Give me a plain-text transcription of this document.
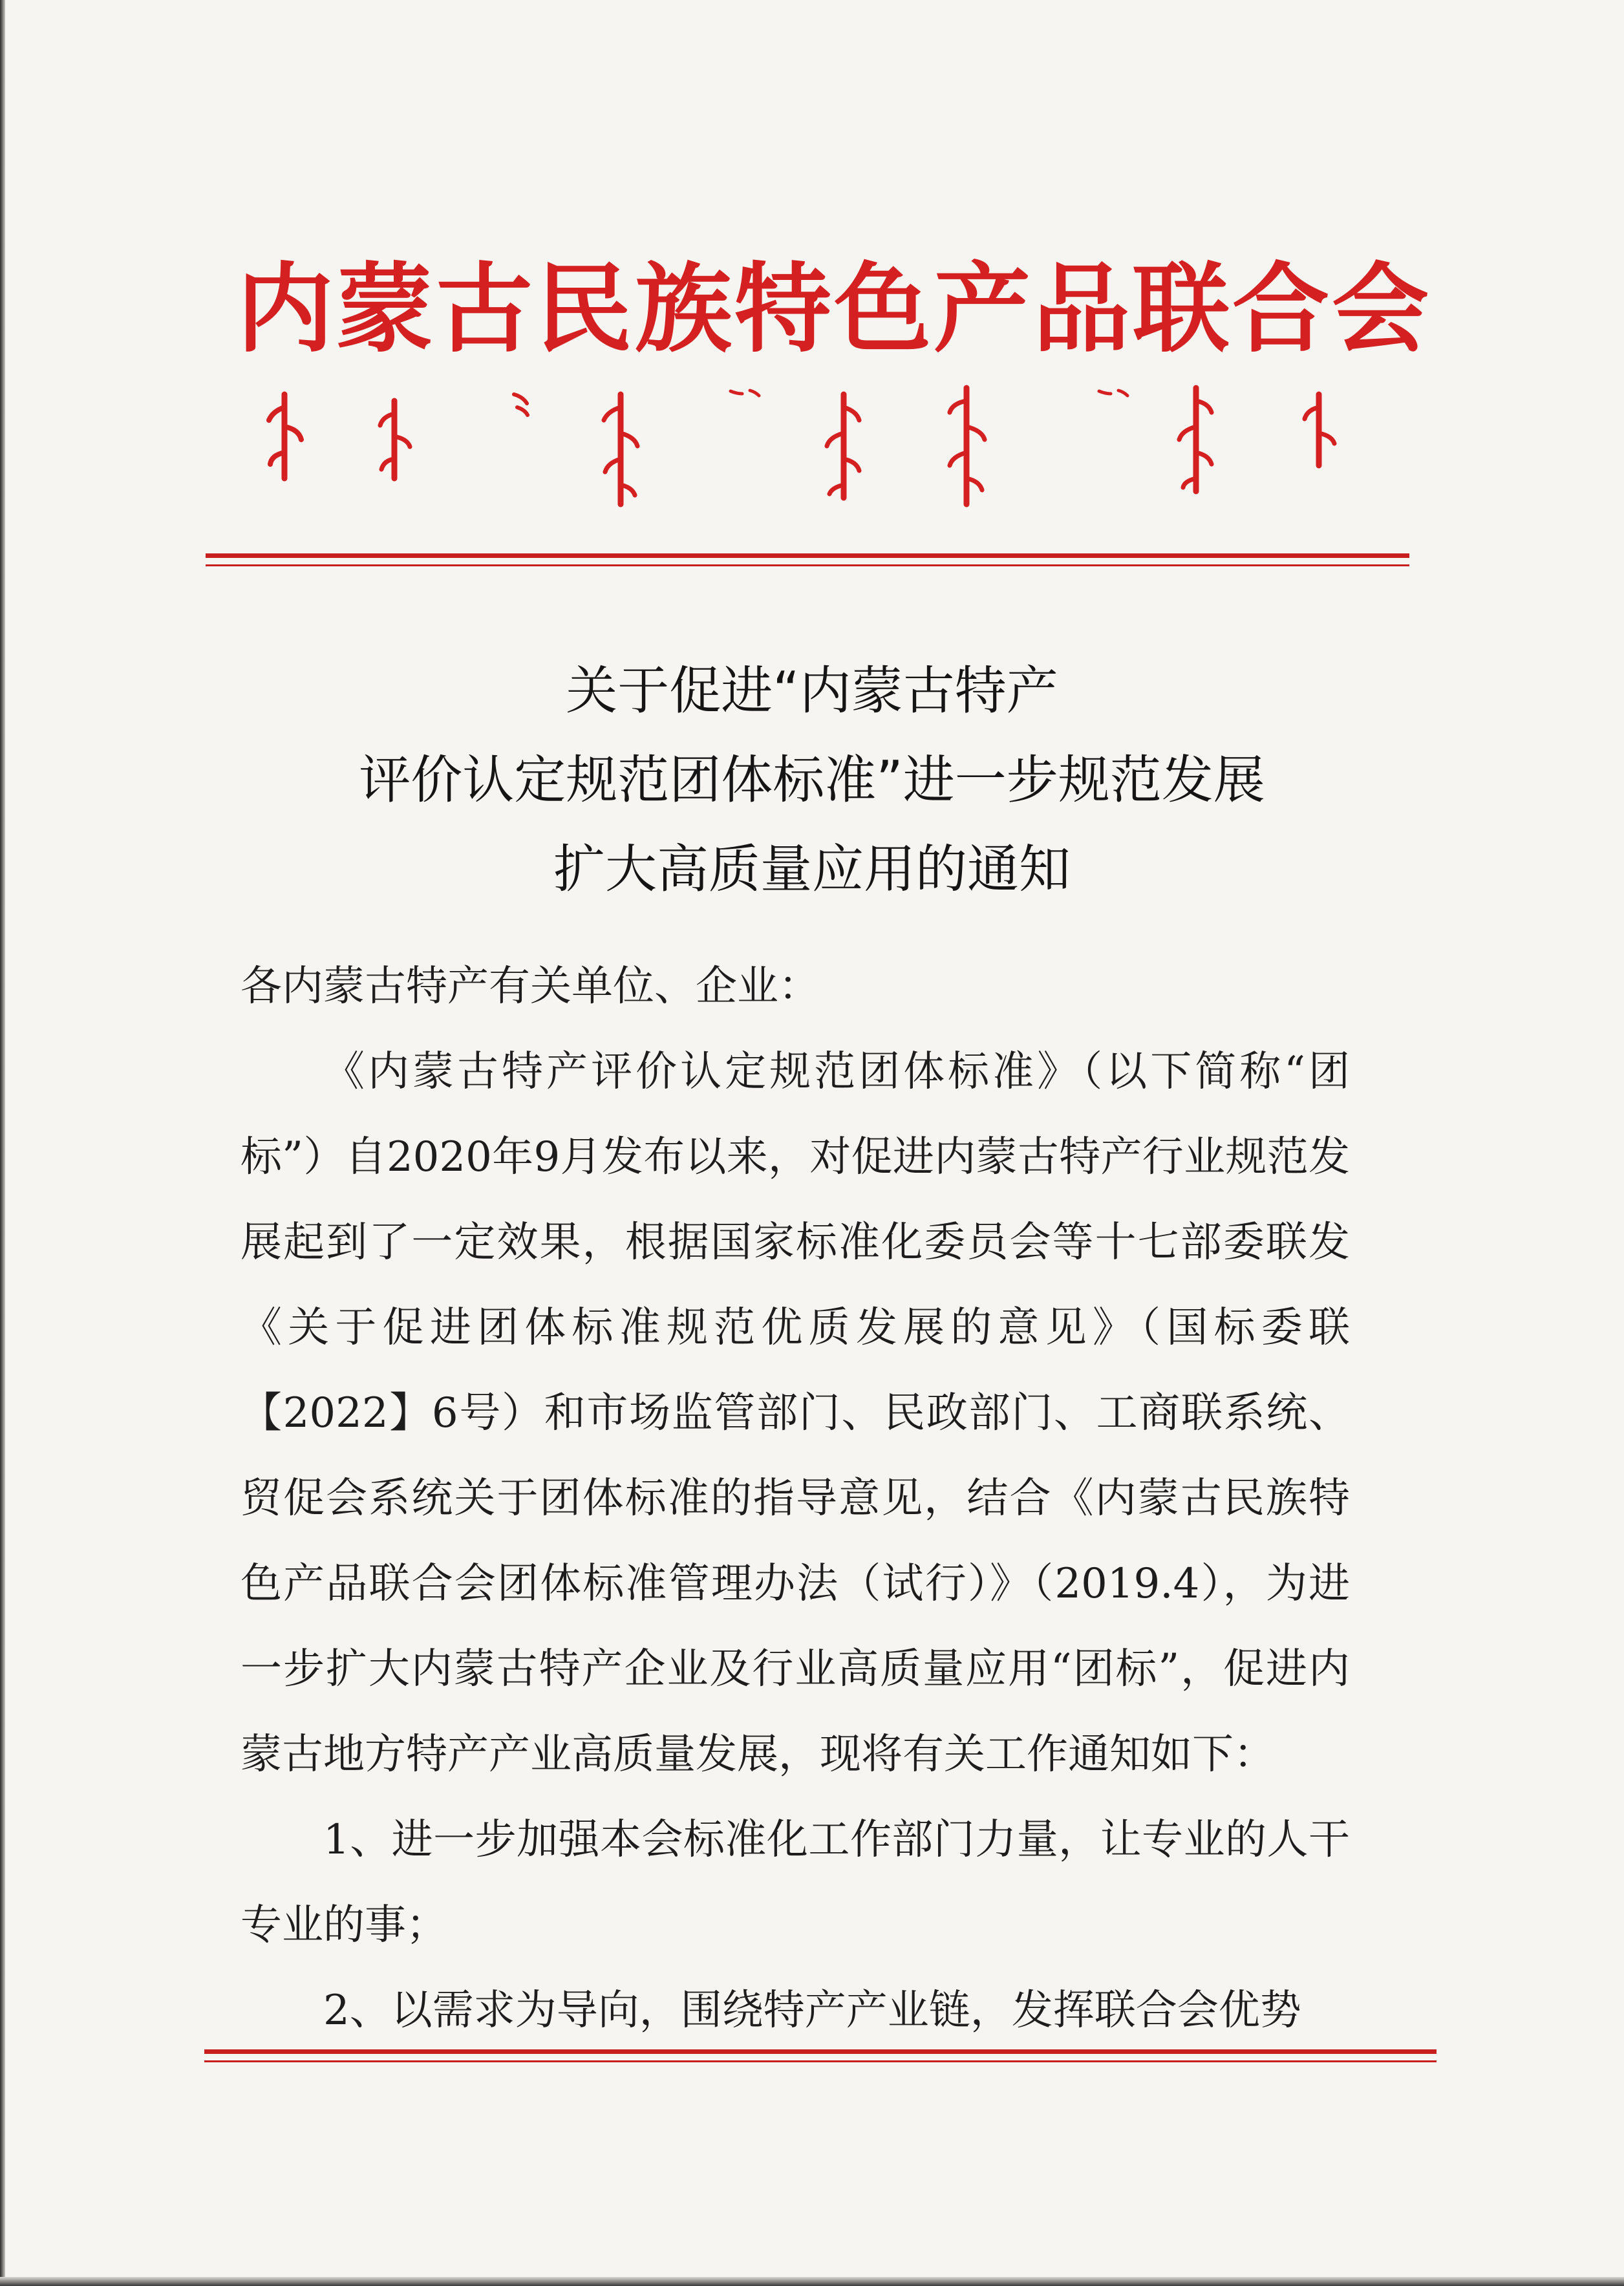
内蒙古民族特色产品联合会
关于促进“内蒙古特产
评价认定规范团体标准”进一步规范发展
扩大高质量应用的通知

各内蒙古特产有关单位、企业：

《内蒙古特产评价认定规范团体标准》（以下简称“团标”）自2020年9月发布以来，对促进内蒙古特产行业规范发展起到了一定效果，根据国家标准化委员会等十七部委联发《关于促进团体标准规范优质发展的意见》（国标委联【2022】6号）和市场监管部门、民政部门、工商联系统、贸促会系统关于团体标准的指导意见，结合《内蒙古民族特色产品联合会团体标准管理办法（试行）》（2019.4），为进一步扩大内蒙古特产企业及行业高质量应用“团标”，促进内蒙古地方特产产业高质量发展，现将有关工作通知如下：

1、进一步加强本会标准化工作部门力量，让专业的人干专业的事；

2、以需求为导向，围绕特产产业链，发挥联合会优势
